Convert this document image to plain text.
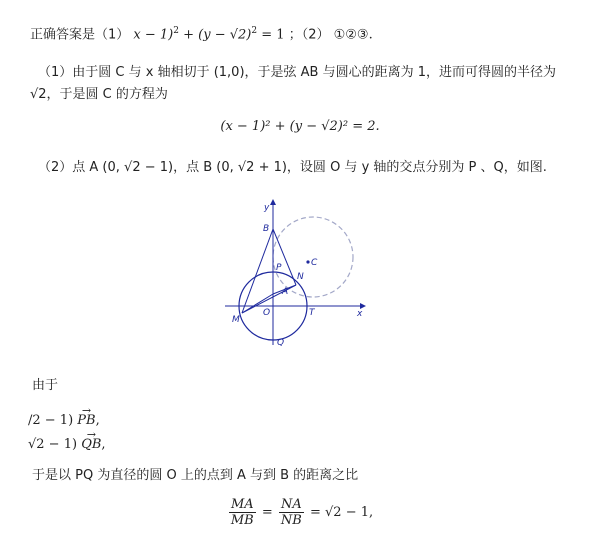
正确答案是（1） $x - 1)^2 + (y - √2)^2 = 1$ ；（2） ①②③.
（1）由于圆 C 与 x 轴相切于 (1,0)，于是弦 AB 与圆心的距离为 1，进而可得圆的半径为
√2，于是圆 C 的方程为
(x − 1)² + (y − √2)² = 2.
（2）点 A (0, √2 − 1)，点 B (0, √2 + 1)，设圆 O 与 y 轴的交点分别为 P 、Q，如图.
y
B
C
P
N
A
M
O	T	x
Q
由于
/2 − 1) → PB,
√2 − 1) → QB,
于是以 PQ 为直径的圆 O 上的点到 A 与到 B 的距离之比
$\frac{MA}{MB} = \frac{NA}{NB} = √2 - 1$,
